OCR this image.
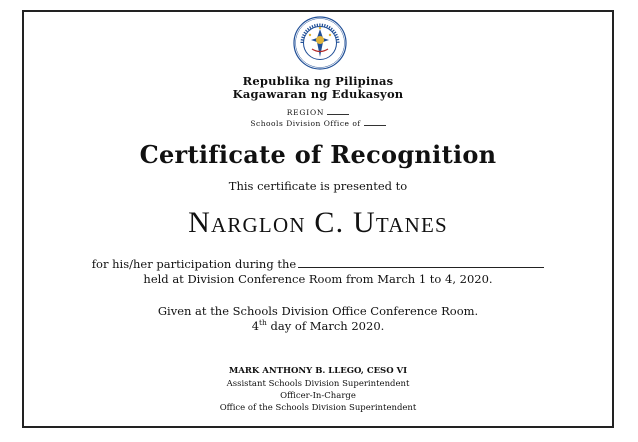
Republika ng Pilipinas
Kagawaran ng Edukasyon
REGION
Schools Division Office of
Certificate of Recognition
This certificate is presented to
Narglon C. Utanes
for his/her participation during the
held at Division Conference Room from March 1 to 4, 2020.
Given at the Schools Division Office Conference Room.
4th day of March 2020.
MARK ANTHONY B. LLEGO, CESO VI
Assistant Schools Division Superintendent
Officer-In-Charge
Office of the Schools Division Superintendent
